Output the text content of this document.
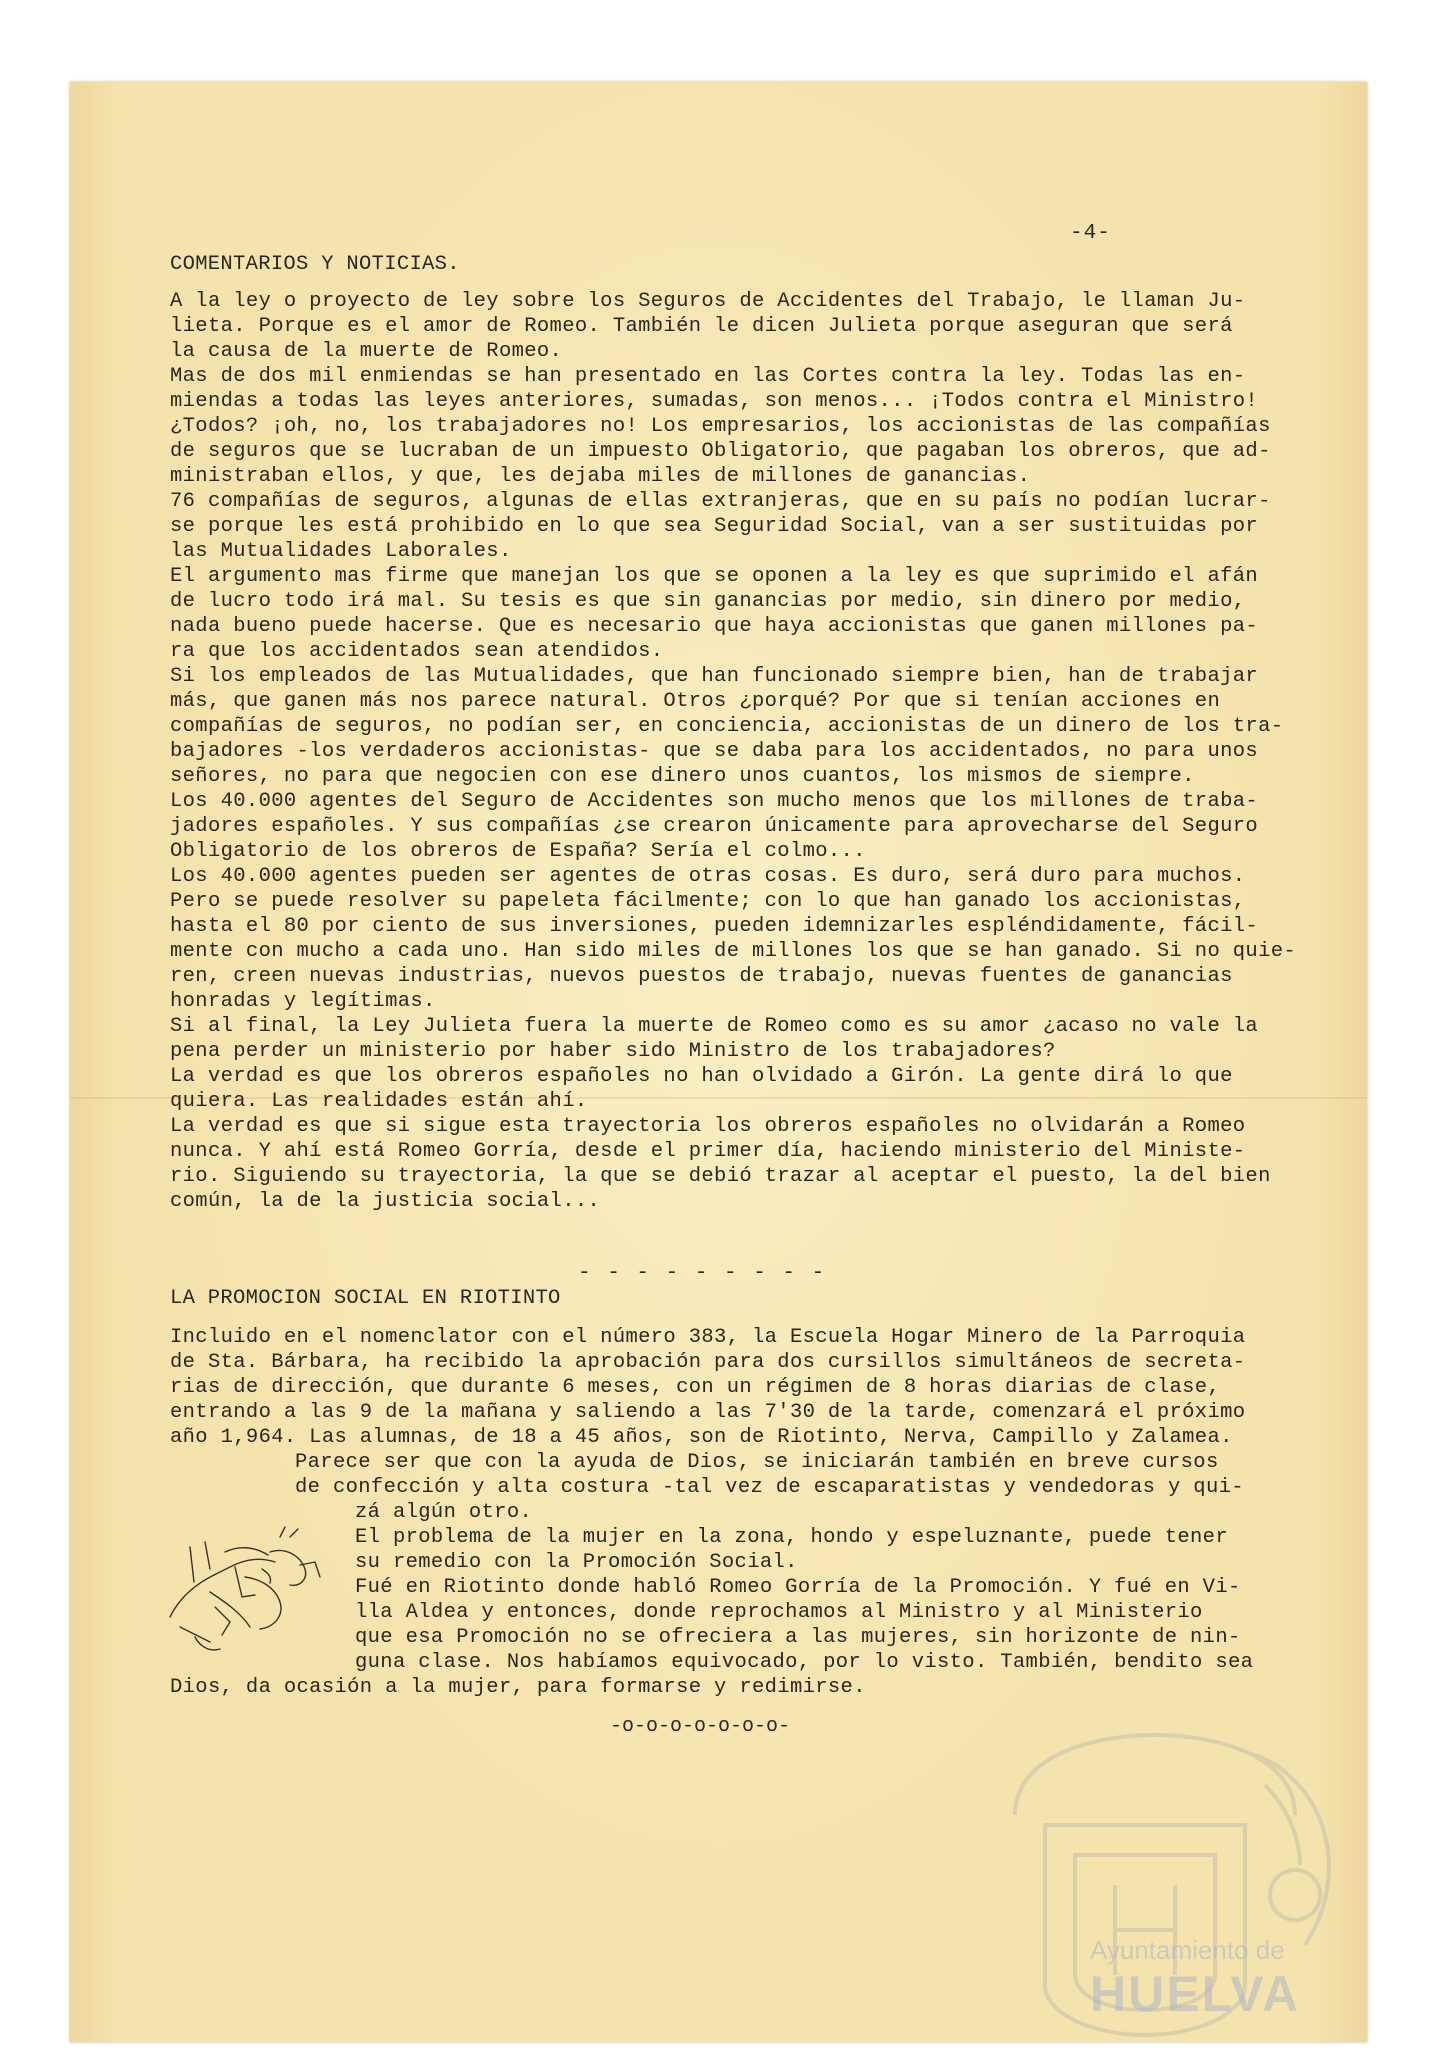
-4-
COMENTARIOS Y NOTICIAS.
A la ley o proyecto de ley sobre los Seguros de Accidentes del Trabajo, le llaman Ju-
lieta. Porque es el amor de Romeo. También le dicen Julieta porque aseguran que será
la causa de la muerte de Romeo.
Mas de dos mil enmiendas se han presentado en las Cortes contra la ley. Todas las en-
miendas a todas las leyes anteriores, sumadas, son menos... ¡Todos contra el Ministro!
¿Todos? ¡oh, no, los trabajadores no! Los empresarios, los accionistas de las compañías
de seguros que se lucraban de un impuesto Obligatorio, que pagaban los obreros, que ad-
ministraban ellos, y que, les dejaba miles de millones de ganancias.
76 compañías de seguros, algunas de ellas extranjeras, que en su país no podían lucrar-
se porque les está prohibido en lo que sea Seguridad Social, van a ser sustituidas por
las Mutualidades Laborales.
El argumento mas firme que manejan los que se oponen a la ley es que suprimido el afán
de lucro todo irá mal. Su tesis es que sin ganancias por medio, sin dinero por medio,
nada bueno puede hacerse. Que es necesario que haya accionistas que ganen millones pa-
ra que los accidentados sean atendidos.
Si los empleados de las Mutualidades, que han funcionado siempre bien, han de trabajar
más, que ganen más nos parece natural. Otros ¿porqué? Por que si tenían acciones en
compañías de seguros, no podían ser, en conciencia, accionistas de un dinero de los tra-
bajadores -los verdaderos accionistas- que se daba para los accidentados, no para unos
señores, no para que negocien con ese dinero unos cuantos, los mismos de siempre.
Los 40.000 agentes del Seguro de Accidentes son mucho menos que los millones de traba-
jadores españoles. Y sus compañías ¿se crearon únicamente para aprovecharse del Seguro
Obligatorio de los obreros de España? Sería el colmo...
Los 40.000 agentes pueden ser agentes de otras cosas. Es duro, será duro para muchos.
Pero se puede resolver su papeleta fácilmente; con lo que han ganado los accionistas,
hasta el 80 por ciento de sus inversiones, pueden idemnizarles espléndidamente, fácil-
mente con mucho a cada uno. Han sido miles de millones los que se han ganado. Si no quie-
ren, creen nuevas industrias, nuevos puestos de trabajo, nuevas fuentes de ganancias
honradas y legítimas.
Si al final, la Ley Julieta fuera la muerte de Romeo como es su amor ¿acaso no vale la
pena perder un ministerio por haber sido Ministro de los trabajadores?
La verdad es que los obreros españoles no han olvidado a Girón. La gente dirá lo que
quiera. Las realidades están ahí.
La verdad es que si sigue esta trayectoria los obreros españoles no olvidarán a Romeo
nunca. Y ahí está Romeo Gorría, desde el primer día, haciendo ministerio del Ministe-
rio. Siguiendo su trayectoria, la que se debió trazar al aceptar el puesto, la del bien
común, la de la justicia social...
- - - - - - - - -
LA PROMOCION SOCIAL EN RIOTINTO
Incluido en el nomenclator con el número 383, la Escuela Hogar Minero de la Parroquia
de Sta. Bárbara, ha recibido la aprobación para dos cursillos simultáneos de secreta-
rias de dirección, que durante 6 meses, con un régimen de 8 horas diarias de clase,
entrando a las 9 de la mañana y saliendo a las 7'30 de la tarde, comenzará el próximo
año 1,964. Las alumnas, de 18 a 45 años, son de Riotinto, Nerva, Campillo y Zalamea.
Parece ser que con la ayuda de Dios, se iniciarán también en breve cursos
de confección y alta costura -tal vez de escaparatistas y vendedoras y qui-
zá algún otro.
El problema de la mujer en la zona, hondo y espeluznante, puede tener
su remedio con la Promoción Social.
Fué en Riotinto donde habló Romeo Gorría de la Promoción. Y fué en Vi-
lla Aldea y entonces, donde reprochamos al Ministro y al Ministerio
que esa Promoción no se ofreciera a las mujeres, sin horizonte de nin-
guna clase. Nos habíamos equivocado, por lo visto. También, bendito sea
Dios, da ocasión a la mujer, para formarse y redimirse.
-o-o-o-o-o-o-o-
Ayuntamiento de
HUELVA
